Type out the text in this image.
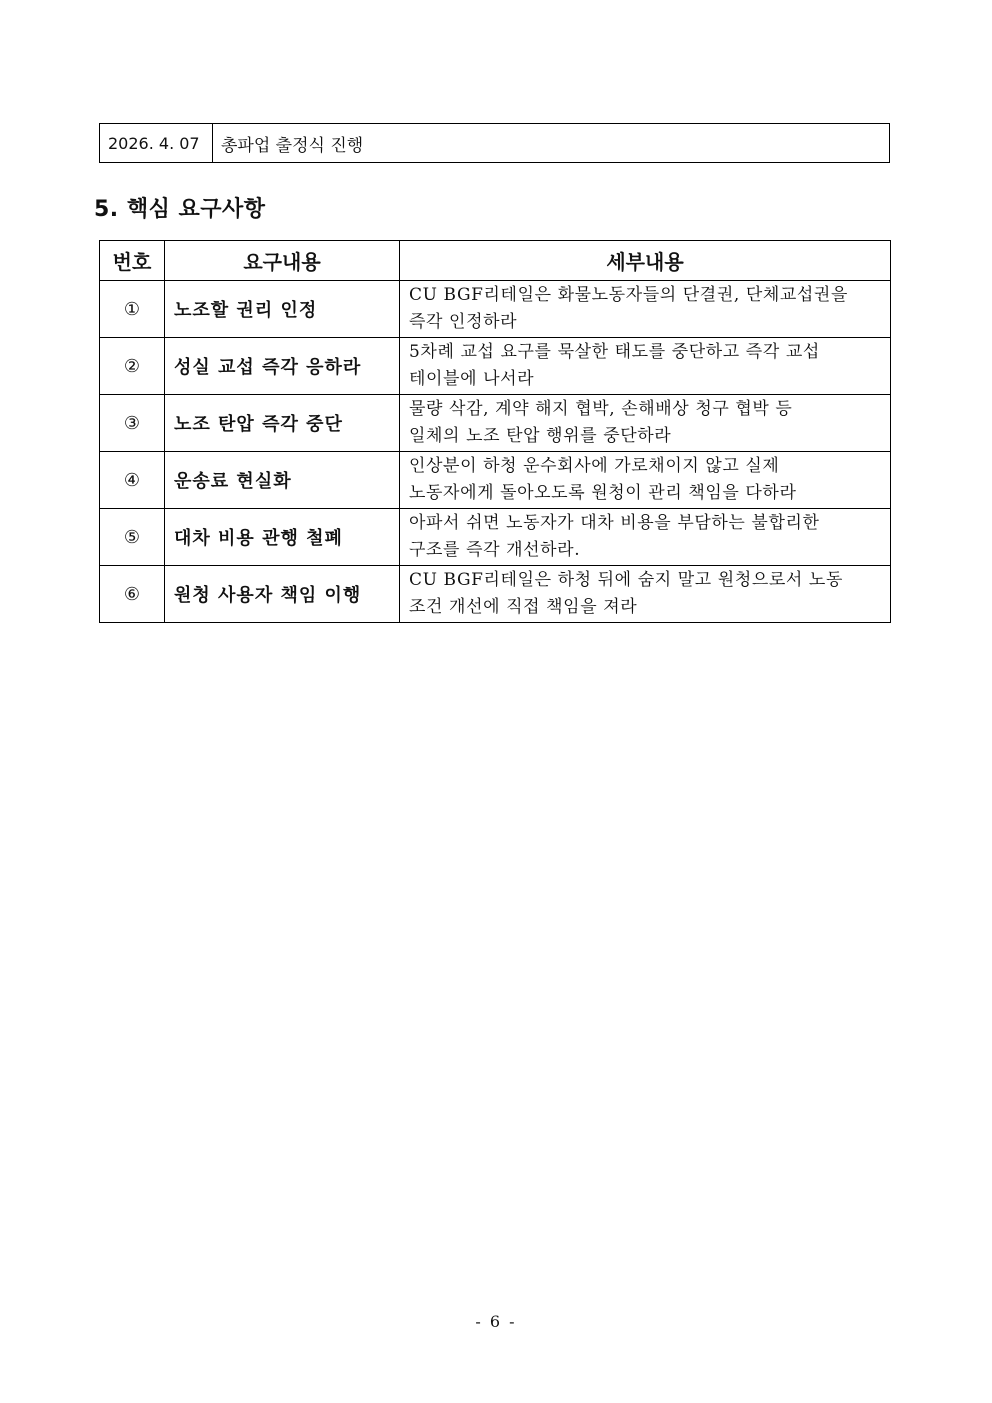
2026. 4. 07	총파업 출정식 진행
5. 핵심 요구사항
번호	요구내용	세부내용
①	노조할 권리 인정	CU BGF리테일은 화물노동자들의 단결권, 단체교섭권을
즉각 인정하라

②	성실 교섭 즉각 응하라	5차례 교섭 요구를 묵살한 태도를 중단하고 즉각 교섭
테이블에 나서라

③	노조 탄압 즉각 중단	물량 삭감, 계약 해지 협박, 손해배상 청구 협박 등
일체의 노조 탄압 행위를 중단하라

④	운송료 현실화	인상분이 하청 운수회사에 가로채이지 않고 실제
노동자에게 돌아오도록 원청이 관리 책임을 다하라

⑤	대차 비용 관행 철폐	아파서 쉬면 노동자가 대차 비용을 부담하는 불합리한
구조를 즉각 개선하라.

⑥	원청 사용자 책임 이행	CU BGF리테일은 하청 뒤에 숨지 말고 원청으로서 노동
조건 개선에 직접 책임을 져라
- 6 -
